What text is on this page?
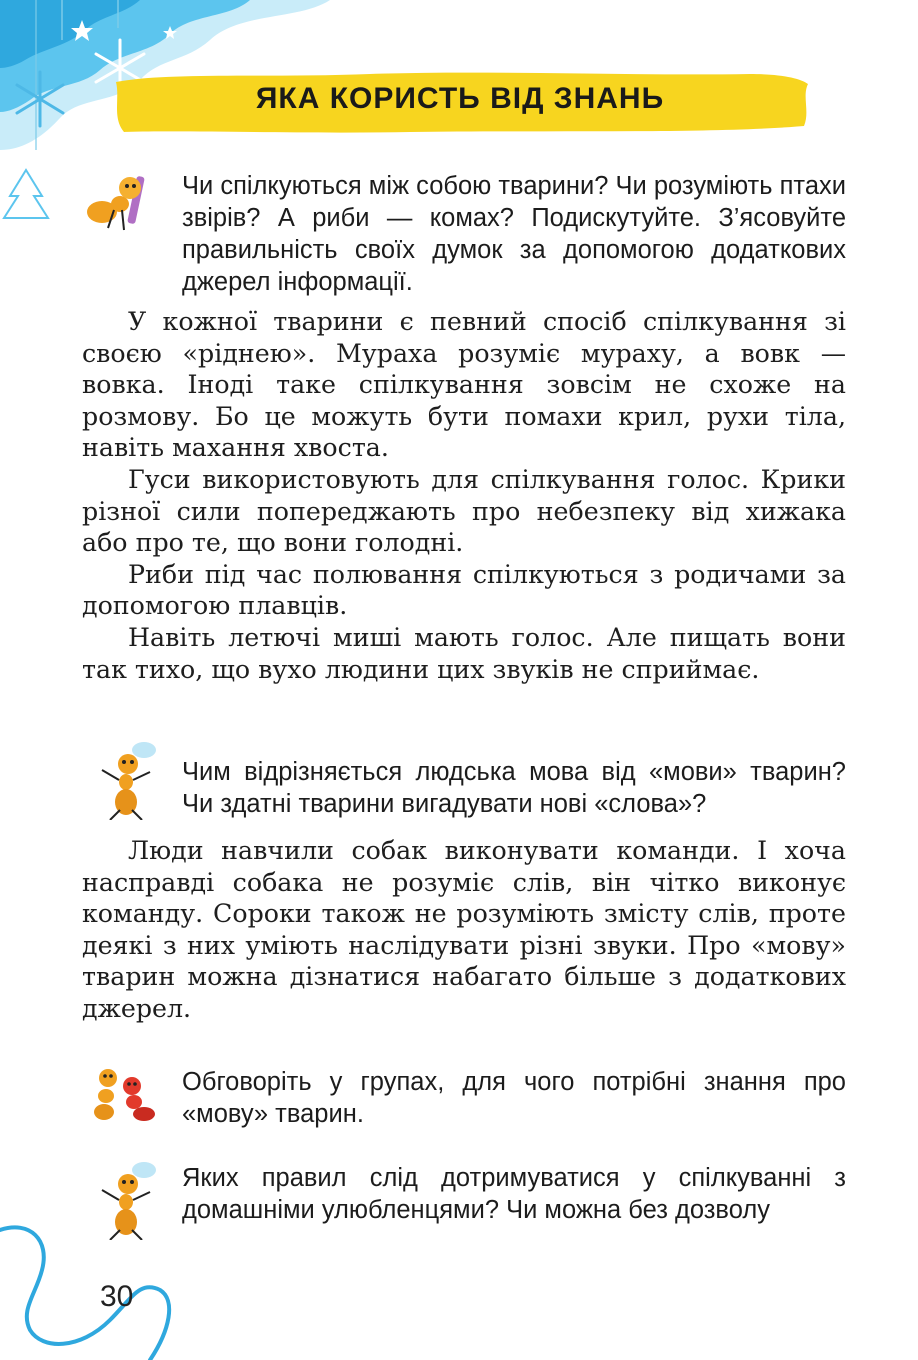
ЯКА КОРИСТЬ ВІД ЗНАНЬ
Чи спілкуються між собою тварини? Чи розуміють птахи звірів? А риби — комах? Подискутуйте. З’ясовуйте правильність своїх думок за допомогою додаткових джерел інформації.

У кожної тварини є певний спосіб спілкування зі своєю «ріднею». Мураха розуміє мураху, а вовк — вовка. Іноді таке спілкування зовсім не схоже на розмову. Бо це можуть бути помахи крил, рухи тіла, навіть махання хвоста.

Гуси використовують для спілкування голос. Крики різної сили попереджають про небезпеку від хижака або про те, що вони голодні.

Риби під час полювання спілкуються з родичами за допомогою плавців.

Навіть летючі миші мають голос. Але пищать вони так тихо, що вухо людини цих звуків не сприймає.

Чим відрізняється людська мова від «мови» тварин? Чи здатні тварини вигадувати нові «слова»?

Люди навчили собак виконувати команди. І хоча насправді собака не розуміє слів, він чітко виконує команду. Сороки також не розуміють змісту слів, проте деякі з них уміють наслідувати різні звуки. Про «мову» тварин можна дізнатися набагато більше з додаткових джерел.

Обговоріть у групах, для чого потрібні знання про «мову» тварин.
Яких правил слід дотримуватися у спілкуванні з домашніми улюбленцями? Чи можна без дозволу
30
